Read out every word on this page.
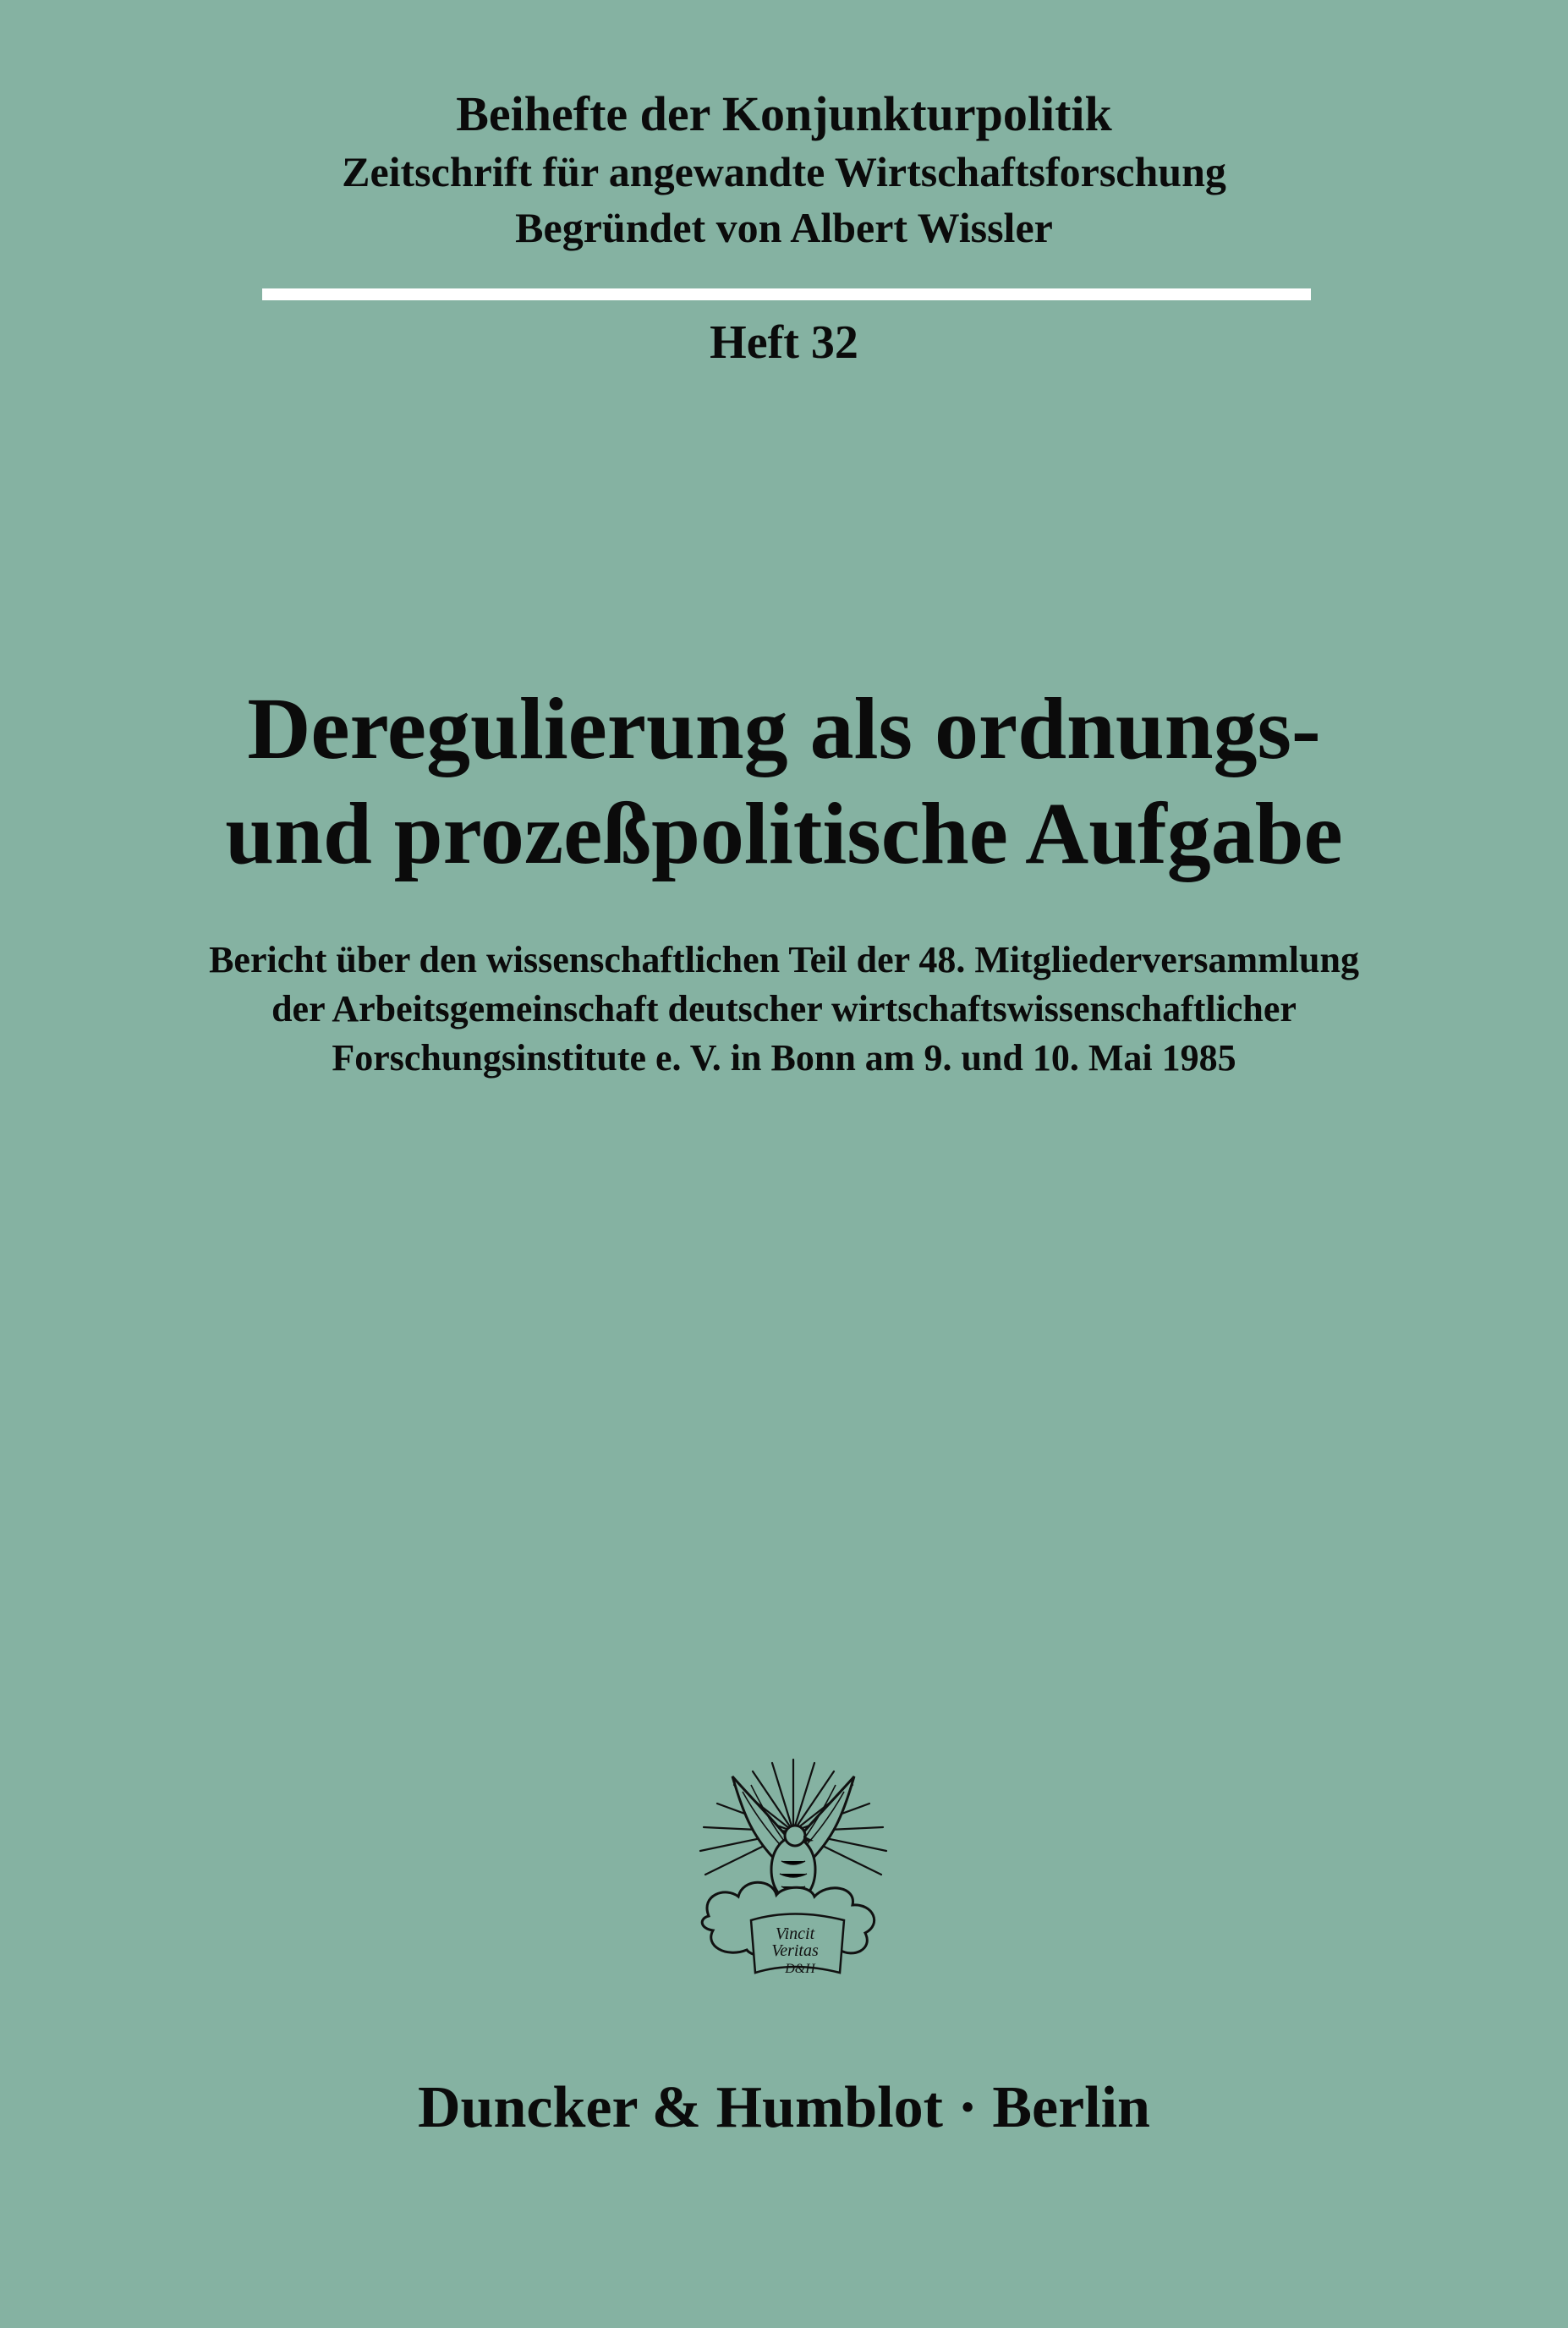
Beihefte der Konjunkturpolitik
Zeitschrift für angewandte Wirtschaftsforschung
Begründet von Albert Wissler
Heft 32
Deregulierung als ordnungs-
und prozeßpolitische Aufgabe
Bericht über den wissenschaftlichen Teil der 48. Mitgliederversammlung
der Arbeitsgemeinschaft deutscher wirtschaftswissenschaftlicher
Forschungsinstitute e. V. in Bonn am 9. und 10. Mai 1985
Vincit
Veritas
D&H
Duncker & Humblot · Berlin
